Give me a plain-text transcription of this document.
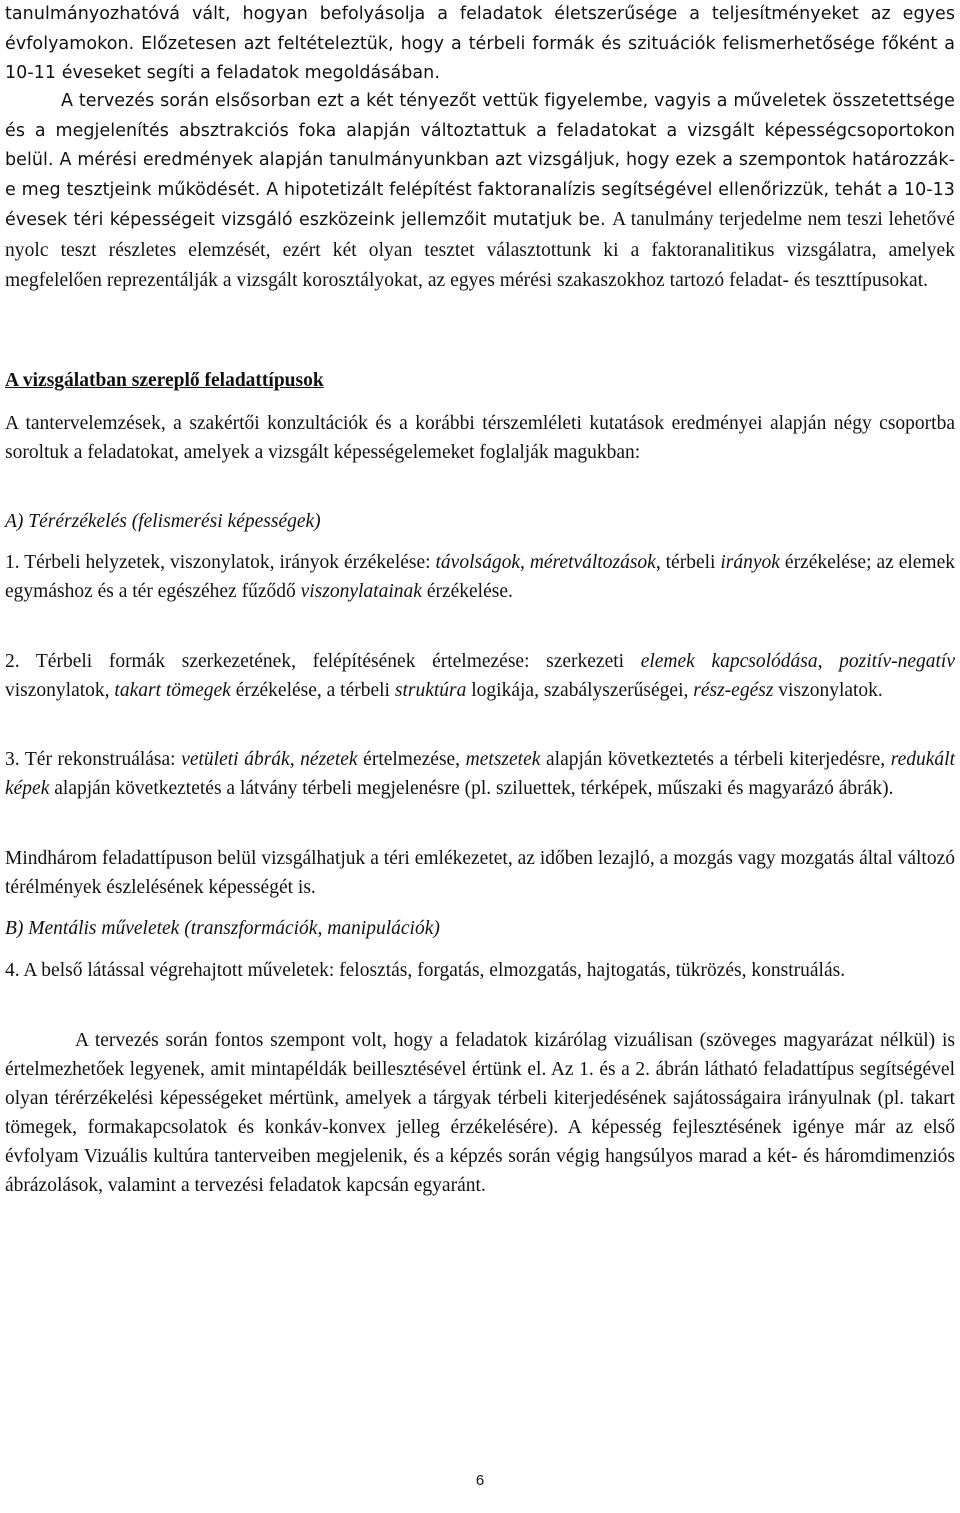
tanulmányozhatóvá vált, hogyan befolyásolja a feladatok életszerűsége a teljesítményeket az egyes évfolyamokon. Előzetesen azt feltételeztük, hogy a térbeli formák és szituációk felismerhetősége főként a 10-11 éveseket segíti a feladatok megoldásában.

A tervezés során elsősorban ezt a két tényezőt vettük figyelembe, vagyis a műveletek összetettsége és a megjelenítés absztrakciós foka alapján változtattuk a feladatokat a vizsgált képességcsoportokon belül. A mérési eredmények alapján tanulmányunkban azt vizsgáljuk, hogy ezek a szempontok határozzák-e meg tesztjeink működését. A hipotetizált felépítést faktoranalízis segítségével ellenőrizzük, tehát a 10-13 évesek téri képességeit vizsgáló eszközeink jellemzőit mutatjuk be. A tanulmány terjedelme nem teszi lehetővé nyolc teszt részletes elemzését, ezért két olyan tesztet választottunk ki a faktoranalitikus vizsgálatra, amelyek megfelelően reprezentálják a vizsgált korosztályokat, az egyes mérési szakaszokhoz tartozó feladat- és teszttípusokat.

A vizsgálatban szereplő feladattípusok

A tantervelemzések, a szakértői konzultációk és a korábbi térszemléleti kutatások eredményei alapján négy csoportba soroltuk a feladatokat, amelyek a vizsgált képességelemeket foglalják magukban:

A) Térérzékelés (felismerési képességek)

1. Térbeli helyzetek, viszonylatok, irányok érzékelése: távolságok, méretváltozások, térbeli irányok érzékelése; az elemek egymáshoz és a tér egészéhez fűződő viszonylatainak érzékelése.

2. Térbeli formák szerkezetének, felépítésének értelmezése: szerkezeti elemek kapcsolódása, pozitív-negatív viszonylatok, takart tömegek érzékelése, a térbeli struktúra logikája, szabályszerűségei, rész-egész viszonylatok.

3. Tér rekonstruálása: vetületi ábrák, nézetek értelmezése, metszetek alapján következtetés a térbeli kiterjedésre, redukált képek alapján következtetés a látvány térbeli megjelenésre (pl. sziluettek, térképek, műszaki és magyarázó ábrák).

Mindhárom feladattípuson belül vizsgálhatjuk a téri emlékezetet, az időben lezajló, a mozgás vagy mozgatás által változó térélmények észlelésének képességét is.

B) Mentális műveletek (transzformációk, manipulációk)

4. A belső látással végrehajtott műveletek: felosztás, forgatás, elmozgatás, hajtogatás, tükrözés, konstruálás.

A tervezés során fontos szempont volt, hogy a feladatok kizárólag vizuálisan (szöveges magyarázat nélkül) is értelmezhetőek legyenek, amit mintapéldák beillesztésével értünk el. Az 1. és a 2. ábrán látható feladattípus segítségével olyan térérzékelési képességeket mértünk, amelyek a tárgyak térbeli kiterjedésének sajátosságaira irányulnak (pl. takart tömegek, formakapcsolatok és konkáv-konvex jelleg érzékelésére). A képesség fejlesztésének igénye már az első évfolyam Vizuális kultúra tanterveiben megjelenik, és a képzés során végig hangsúlyos marad a két- és háromdimenziós ábrázolások, valamint a tervezési feladatok kapcsán egyaránt.

6
